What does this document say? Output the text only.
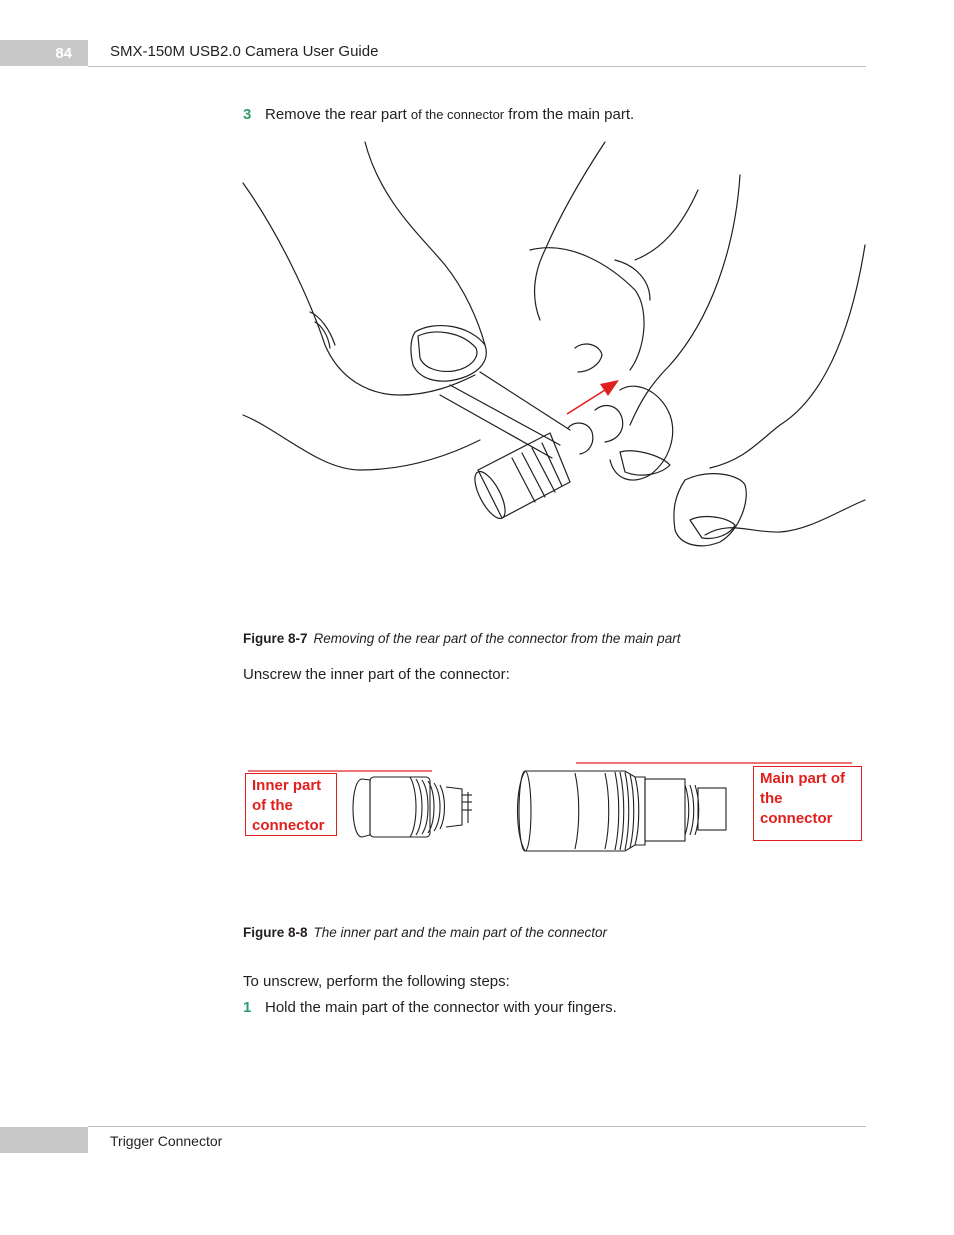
84	SMX-150M USB2.0 Camera User Guide
3 Remove the rear part of the connector from the main part.
Figure 8-7 Removing of the rear part of the connector from the main part
Unscrew the inner part of the connector:
Inner part of the connector
Main part of the connector
Figure 8-8 The inner part and the main part of the connector
To unscrew, perform the following steps:
1 Hold the main part of the connector with your fingers.
Trigger Connector
